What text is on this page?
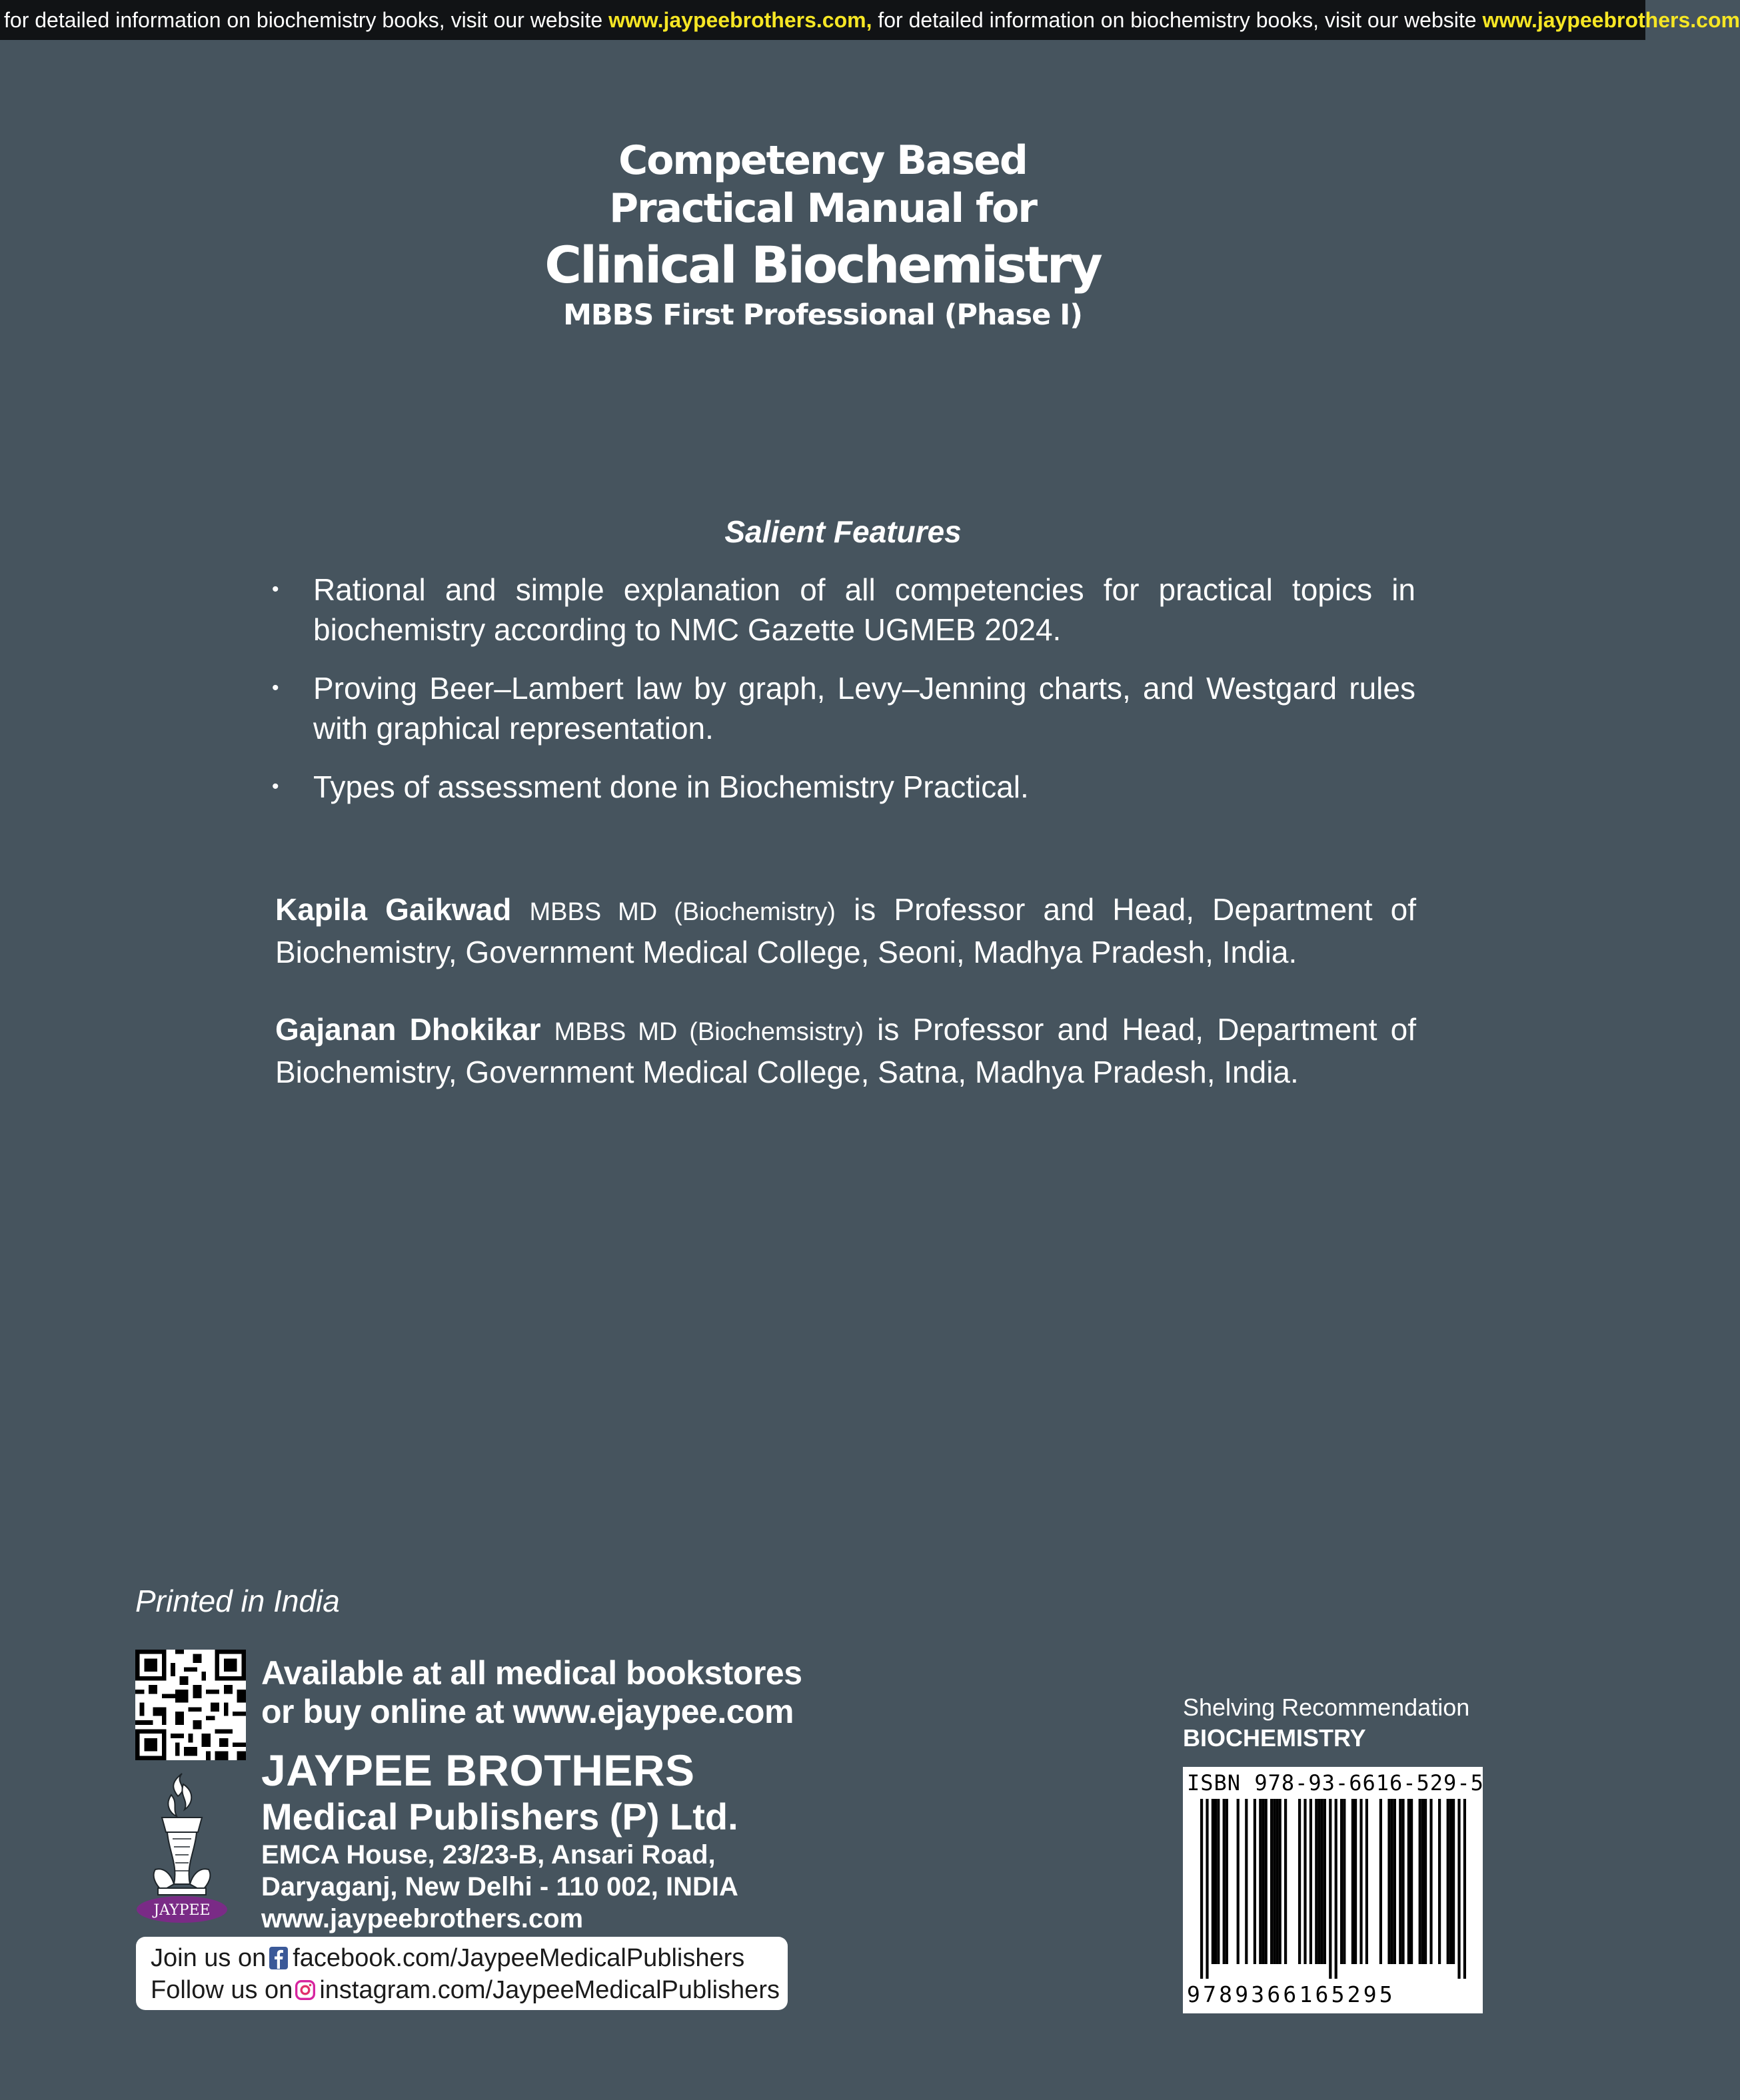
for detailed information on biochemistry books, visit our website www.jaypeebrothers.com, for detailed information on biochemistry books, visit our website www.jaypeebrothers.com
Competency Based
Practical Manual for
Clinical Biochemistry
MBBS First Professional (Phase I)
Salient Features
• Rational and simple explanation of all competencies for practical topics in biochemistry according to NMC Gazette UGMEB 2024.
• Proving Beer–Lambert law by graph, Levy–Jenning charts, and Westgard rules with graphical representation.
• Types of assessment done in Biochemistry Practical.
Kapila Gaikwad MBBS MD (Biochemistry) is Professor and Head, Department of Biochemistry, Government Medical College, Seoni, Madhya Pradesh, India.
Gajanan Dhokikar MBBS MD (Biochemsistry) is Professor and Head, Department of Biochemistry, Government Medical College, Satna, Madhya Pradesh, India.
Printed in India
Available at all medical bookstores
or buy online at www.ejaypee.com
JAYPEE
JAYPEE BROTHERS
Medical Publishers (P) Ltd.
EMCA House, 23/23-B, Ansari Road,
Daryaganj, New Delhi - 110 002, INDIA
www.jaypeebrothers.com
Join us on facebook.com/JaypeeMedicalPublishers
Follow us on instagram.com/JaypeeMedicalPublishers
Shelving Recommendation
BIOCHEMISTRY
ISBN 978-93-6616-529-5
9789366165295
